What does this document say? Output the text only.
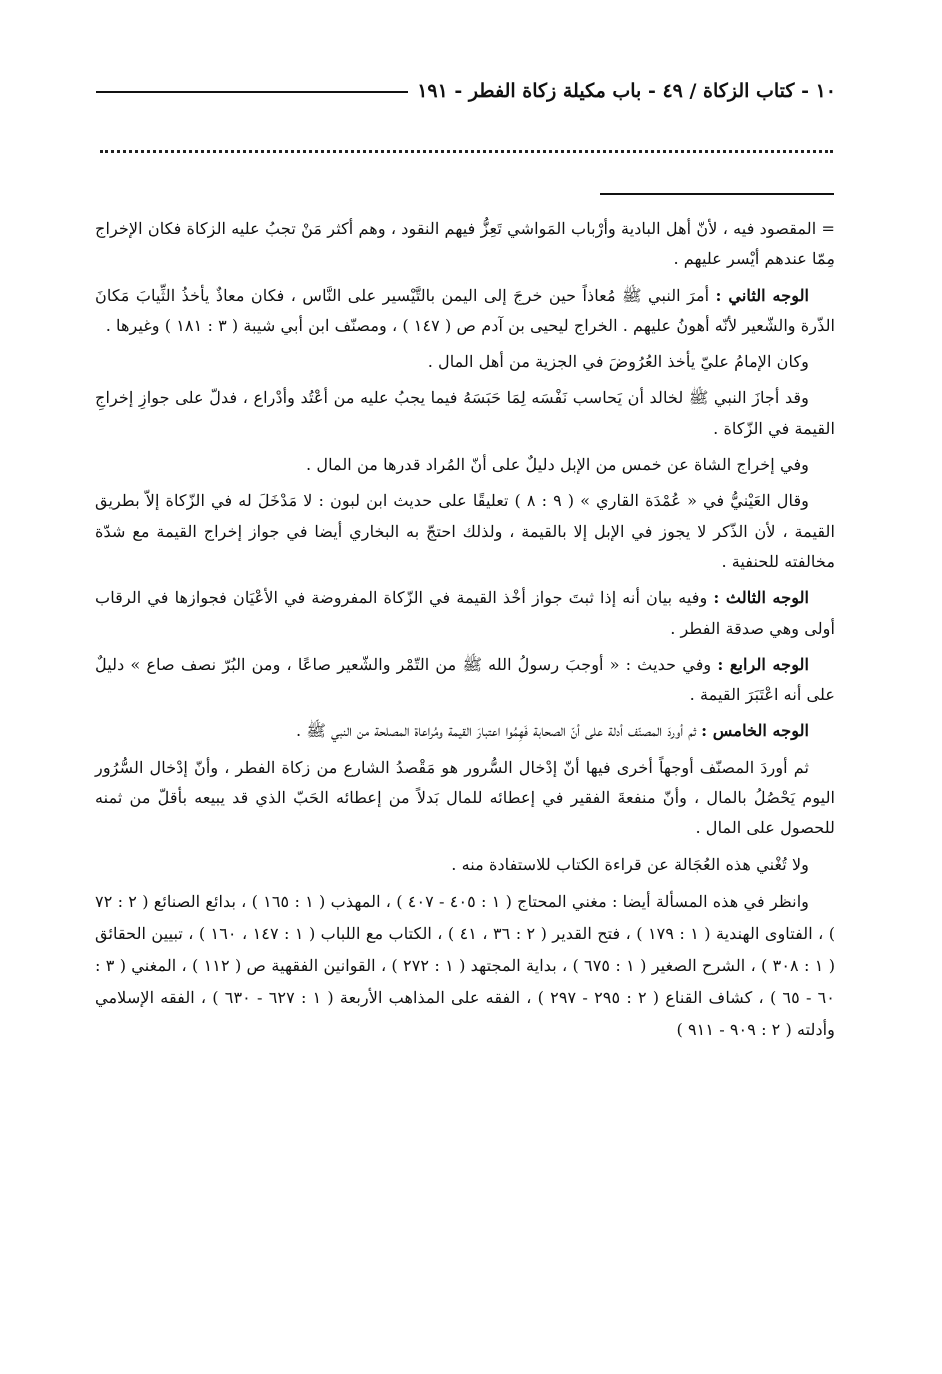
١٠ - كتاب الزكاة / ٤٩ - باب مكيلة زكاة الفطر - ١٩١

= المقصود فيه ، لأنّ أهل البادية وأرْباب المَواشي تَعِزُّ فيهم النقود ، وهم أكثر مَنْ تجبُ عليه الزكاة فكان الإخراج مِمّا عندهم أيْسر عليهم .

الوجه الثاني : أمرَ النبي ﷺ مُعاذاً حين خرجَ إلى اليمن بالتَّيْسير على النَّاس ، فكان معاذٌ يأخذُ الثِّيابَ مَكانَ الذّرة والشّعير لأنّه أهونُ عليهم . الخراج ليحيى بن آدم ص ( ١٤٧ ) ، ومصنّف ابن أبي شيبة ( ٣ : ١٨١ ) وغيرها .

وكان الإمامُ عليّ يأخذ العُرُوضَ في الجزية من أهل المال .

وقد أجازَ النبي ﷺ لخالد أن يَحاسب نَفْسَه لِمَا حَبَسَهُ فيما يجبُ عليه من أعْتُد وأدْراع ، فدلّ على جوازِ إخراجِ القيمة في الزّكاة .

وفي إخراج الشاة عن خمس من الإبل دليلٌ على أنّ المُراد قدرها من المال .

وقال العَيْنيُّ في « عُمْدَة القاري » ( ٩ : ٨ ) تعليقًا على حديث ابن لبون : لا مَدْخَلَ له في الزّكاة إلاّ بطريق القيمة ، لأن الذّكر لا يجوز في الإبل إلا بالقيمة ، ولذلك احتجّ به البخاري أيضا في جواز إخراج القيمة مع شدّة مخالفته للحنفية .

الوجه الثالث : وفيه بيان أنه إذا ثبتَ جواز أخْذ القيمة في الزّكاة المفروضة في الأعْيَان فجوازها في الرقاب أولى وهي صدقة الفطر .

الوجه الرابع : وفي حديث : « أوجبَ رسولُ الله ﷺ من التّمْر والشّعير صاعًا ، ومن البُرّ نصف صاع » دليلٌ على أنه اعْتَبَرَ القيمة .

الوجه الخامس : ثم أوردَ المصنّف أدلة على أنّ الصحابة فَهِمُوا اعتبارَ القيمة ومُراعاة المصلحة من النبي ﷺ .

ثم أوردَ المصنّف أوجهاً أخرى فيها أنّ إدْخال السُّرور هو مَقْصدُ الشارع من زكاة الفطر ، وأنّ إدْخال السُّرُور اليوم يَحْصُلُ بالمال ، وأنّ منفعةَ الفقير في إعطائه للمال بَدلاً من إعطائه الحَبّ الذي قد يبيعه بأقلّ من ثمنه للحصول على المال .

ولا تُغْني هذه العُجَالة عن قراءة الكتاب للاستفادة منه .

وانظر في هذه المسألة أيضا : مغني المحتاج ( ١ : ٤٠٥ - ٤٠٧ ) ، المهذب ( ١ : ١٦٥ ) ، بدائع الصنائع ( ٢ : ٧٢ ) ، الفتاوى الهندية ( ١ : ١٧٩ ) ، فتح القدير ( ٢ : ٣٦ ، ٤١ ) ، الكتاب مع اللباب ( ١ : ١٤٧ ، ١٦٠ ) ، تبيين الحقائق ( ١ : ٣٠٨ ) ، الشرح الصغير ( ١ : ٦٧٥ ) ، بداية المجتهد ( ١ : ٢٧٢ ) ، القوانين الفقهية ص ( ١١٢ ) ، المغني ( ٣ : ٦٠ - ٦٥ ) ، كشاف القناع ( ٢ : ٢٩٥ - ٢٩٧ ) ، الفقه على المذاهب الأربعة ( ١ : ٦٢٧ - ٦٣٠ ) ، الفقه الإسلامي وأدلته ( ٢ : ٩٠٩ - ٩١١ )
